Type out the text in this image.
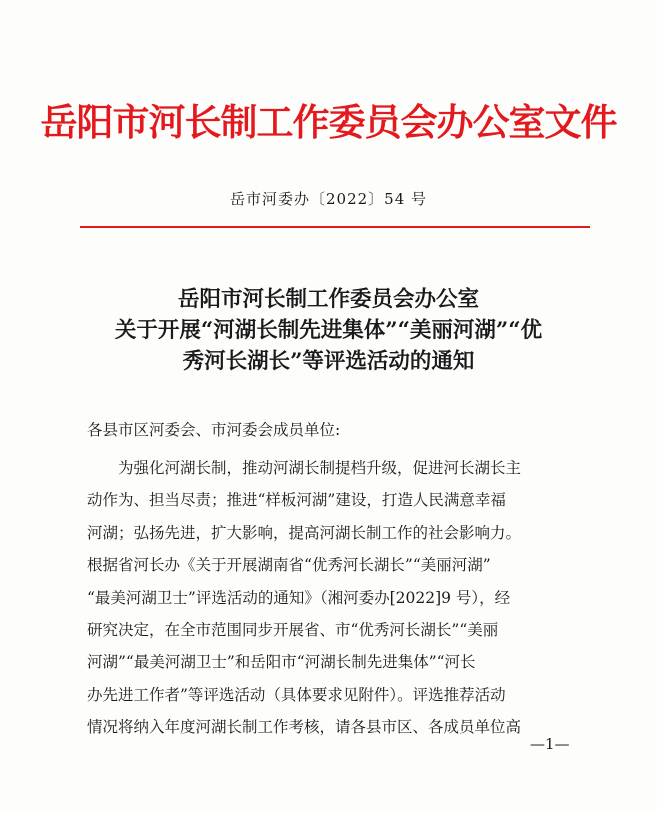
岳阳市河长制工作委员会办公室文件
岳市河委办〔2022〕54 号
岳阳市河长制工作委员会办公室
关于开展“河湖长制先进集体”“美丽河湖”“优
秀河长湖长”等评选活动的通知
各县市区河委会、市河委会成员单位:
为强化河湖长制，推动河湖长制提档升级，促进河长湖长主
动作为、担当尽责；推进“样板河湖”建设，打造人民满意幸福
河湖；弘扬先进，扩大影响，提高河湖长制工作的社会影响力。
根据省河长办《关于开展湖南省“优秀河长湖长”“美丽河湖”
“最美河湖卫士”评选活动的通知》（湘河委办[2022]9 号），经
研究决定，在全市范围同步开展省、市“优秀河长湖长”“美丽
河湖”“最美河湖卫士”和岳阳市“河湖长制先进集体”“河长
办先进工作者”等评选活动（具体要求见附件）。评选推荐活动
情况将纳入年度河湖长制工作考核，请各县市区、各成员单位高
—1—
